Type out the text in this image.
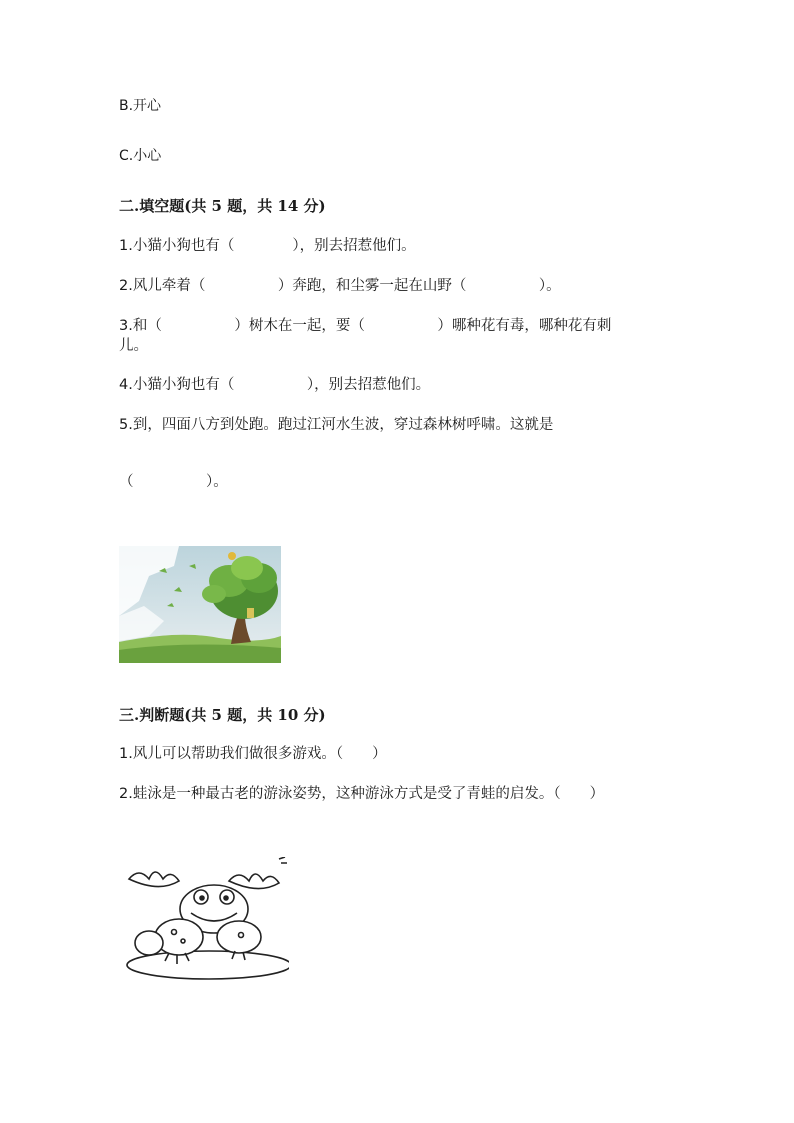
B.开心
C.小心
二.填空题(共 5 题，共 14 分)
1.小猫小狗也有（　　　　），别去招惹他们。
2.风儿牵着（　　　　　）奔跑，和尘雾一起在山野（　　　　　）。
3.和（　　　　　）树木在一起，要（　　　　　）哪种花有毒，哪种花有刺
儿。
4.小猫小狗也有（　　　　　），别去招惹他们。
5.到，四面八方到处跑。跑过江河水生波，穿过森林树呼啸。这就是
（　　　　　）。
三.判断题(共 5 题，共 10 分)
1.风儿可以帮助我们做很多游戏。（　　）
2.蛙泳是一种最古老的游泳姿势，这种游泳方式是受了青蛙的启发。（　　）
